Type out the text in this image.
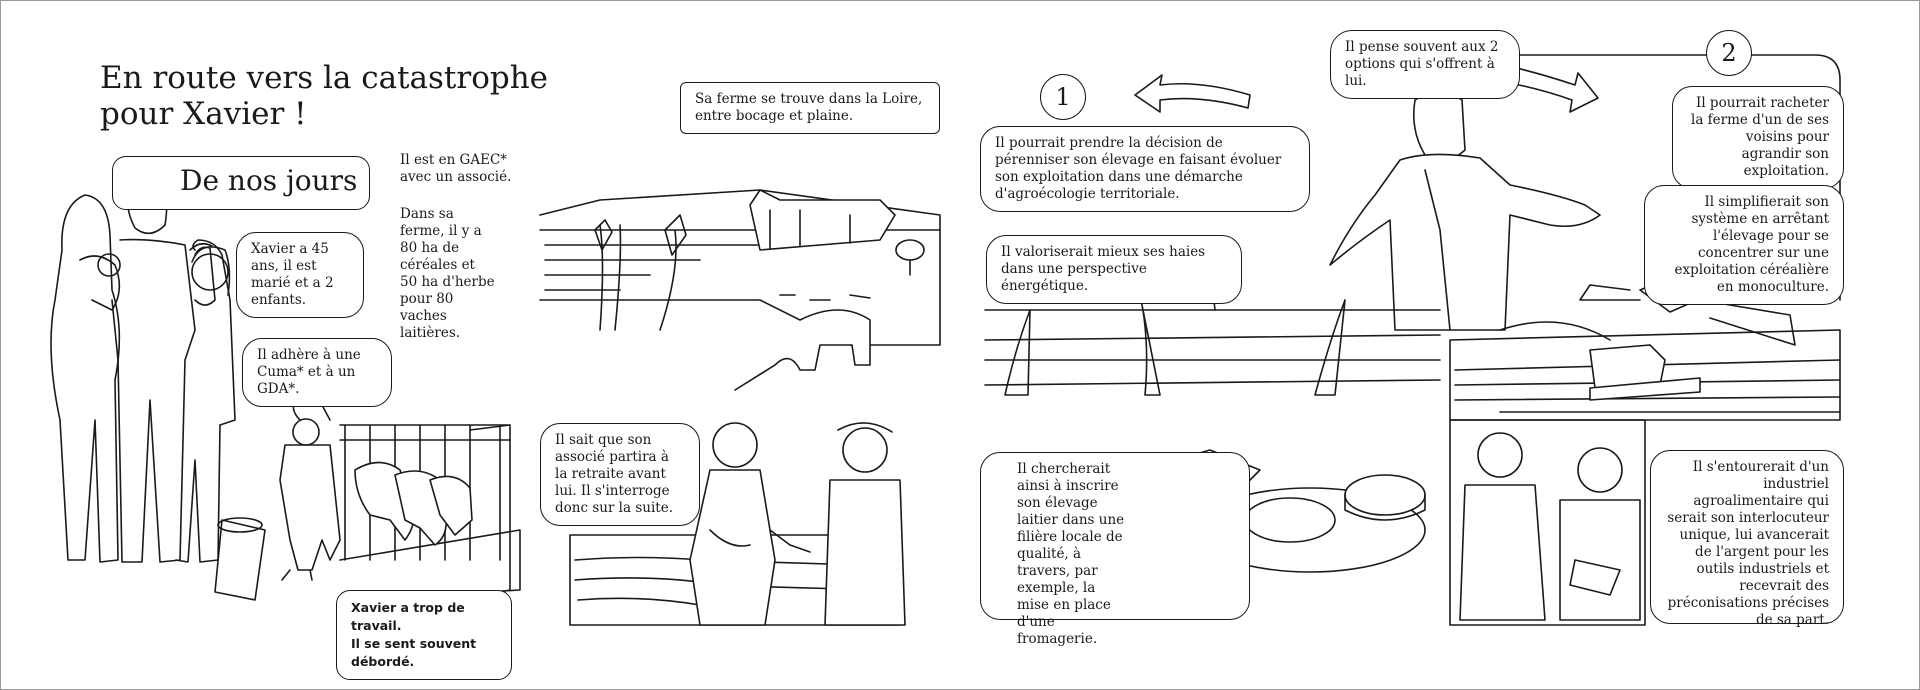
En route vers la catastrophe
pour Xavier !
De nos jours
Il est en GAEC* avec un associé.
Dans sa ferme, il y a 80 ha de céréales et 50 ha d'herbe pour 80 vaches laitières.
Xavier a 45 ans, il est marié et a 2 enfants.
Il adhère à une Cuma* et à un GDA*.
Xavier a trop de travail.
Il se sent souvent débordé.
Sa ferme se trouve dans la Loire, entre bocage et plaine.
Il sait que son associé partira à la retraite avant lui. Il s'interroge donc sur la suite.
Il pense souvent aux 2 options qui s'offrent à lui.
1
2
Il pourrait prendre la décision de pérenniser son élevage en faisant évoluer son exploitation dans une démarche d'agroécologie territoriale.
Il valoriserait mieux ses haies dans une perspective énergétique.
Il chercherait ainsi à inscrire son élevage laitier dans une filière locale de qualité, à travers, par exemple, la mise en place d'une fromagerie.
Il pourrait racheter la ferme d'un de ses voisins pour agrandir son exploitation.
Il simplifierait son système en arrêtant l'élevage pour se concentrer sur une exploitation céréalière en monoculture.
Il s'entourerait d'un industriel agroalimentaire qui serait son interlocuteur unique, lui avancerait de l'argent pour les outils industriels et recevrait des préconisations précises de sa part.
